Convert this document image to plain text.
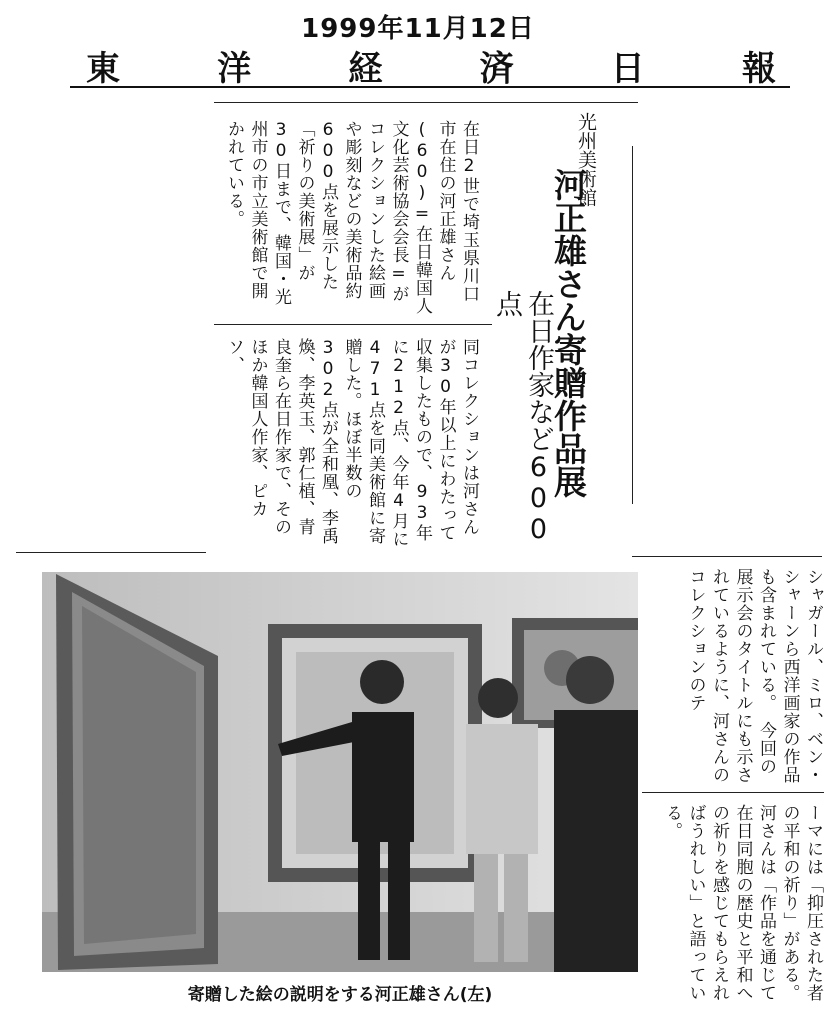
1999年11月12日
東	洋	経	済	日	報
光州美術館
河正雄さん寄贈作品展
在日作家など600点
在日2世で埼玉県川口市在住の河正雄さん(60)=在日韓国人文化芸術協会会長=がコレクションした絵画や彫刻などの美術品約600点を展示した「祈りの美術展」が30日まで、韓国・光州市の市立美術館で開かれている。
同コレクションは河さんが30年以上にわたって収集したもので、93年に212点、今年4月に471点を同美術館に寄贈した。ほぼ半数の302点が全和凰、李禹煥、李英玉、郭仁植、青良奎ら在日作家で、そのほか韓国人作家、ピカソ、
寄贈した絵の説明をする河正雄さん(左)
シャガール、ミロ、ベン・シャーンら西洋画家の作品も含まれている。　今回の展示会のタイトルにも示されているように、河さんのコレクションのテ
ーマには「抑圧された者の平和の祈り」がある。　河さんは「作品を通じて在日同胞の歴史と平和への祈りを感じてもらえればうれしい」と語っている。
